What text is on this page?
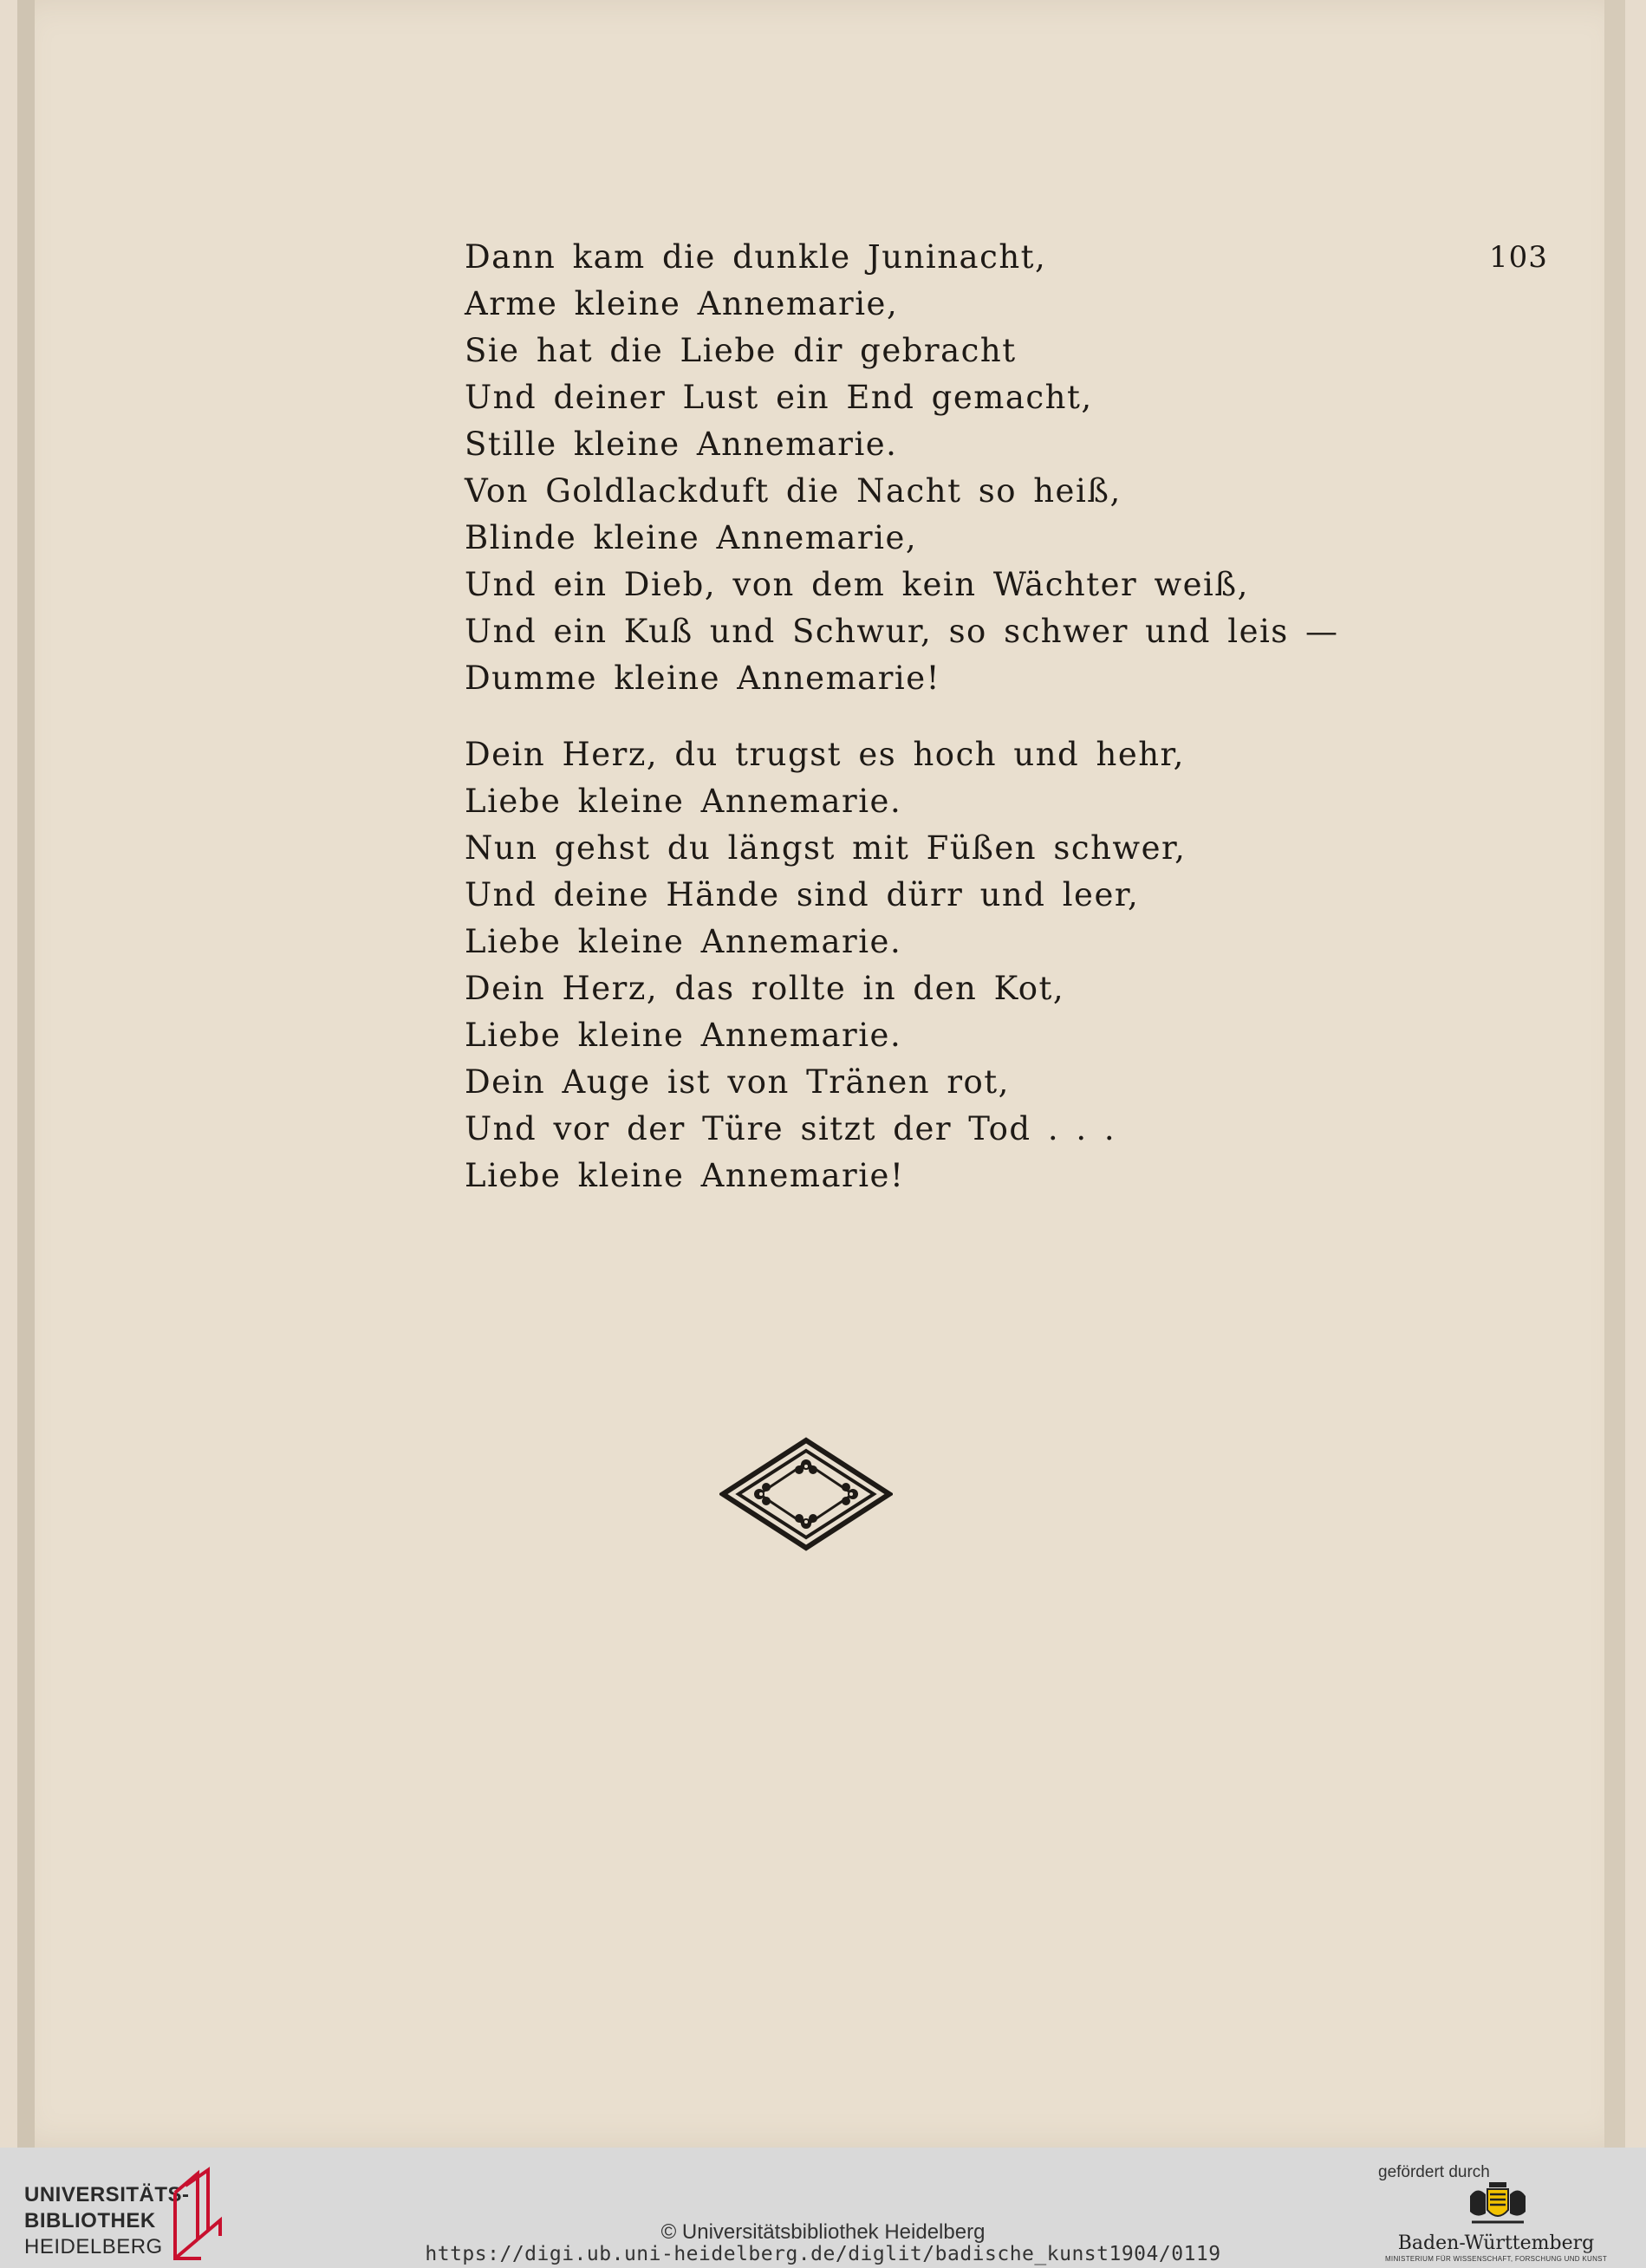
103
Dann kam die dunkle Juninacht,
Arme kleine Annemarie,
Sie hat die Liebe dir gebracht
Und deiner Lust ein End gemacht,
Stille kleine Annemarie.
Von Goldlackduft die Nacht so heiß,
Blinde kleine Annemarie,
Und ein Dieb, von dem kein Wächter weiß,
Und ein Kuß und Schwur, so schwer und leis —
Dumme kleine Annemarie!
Dein Herz, du trugst es hoch und hehr,
Liebe kleine Annemarie.
Nun gehst du längst mit Füßen schwer,
Und deine Hände sind dürr und leer,
Liebe kleine Annemarie.
Dein Herz, das rollte in den Kot,
Liebe kleine Annemarie.
Dein Auge ist von Tränen rot,
Und vor der Türe sitzt der Tod . . .
Liebe kleine Annemarie!
UNIVERSITÄTS-
BIBLIOTHEK
HEIDELBERG
© Universitätsbibliothek Heidelberg
https://digi.ub.uni-heidelberg.de/diglit/badische_kunst1904/0119
gefördert durch
Baden-Württemberg
MINISTERIUM FÜR WISSENSCHAFT, FORSCHUNG UND KUNST
